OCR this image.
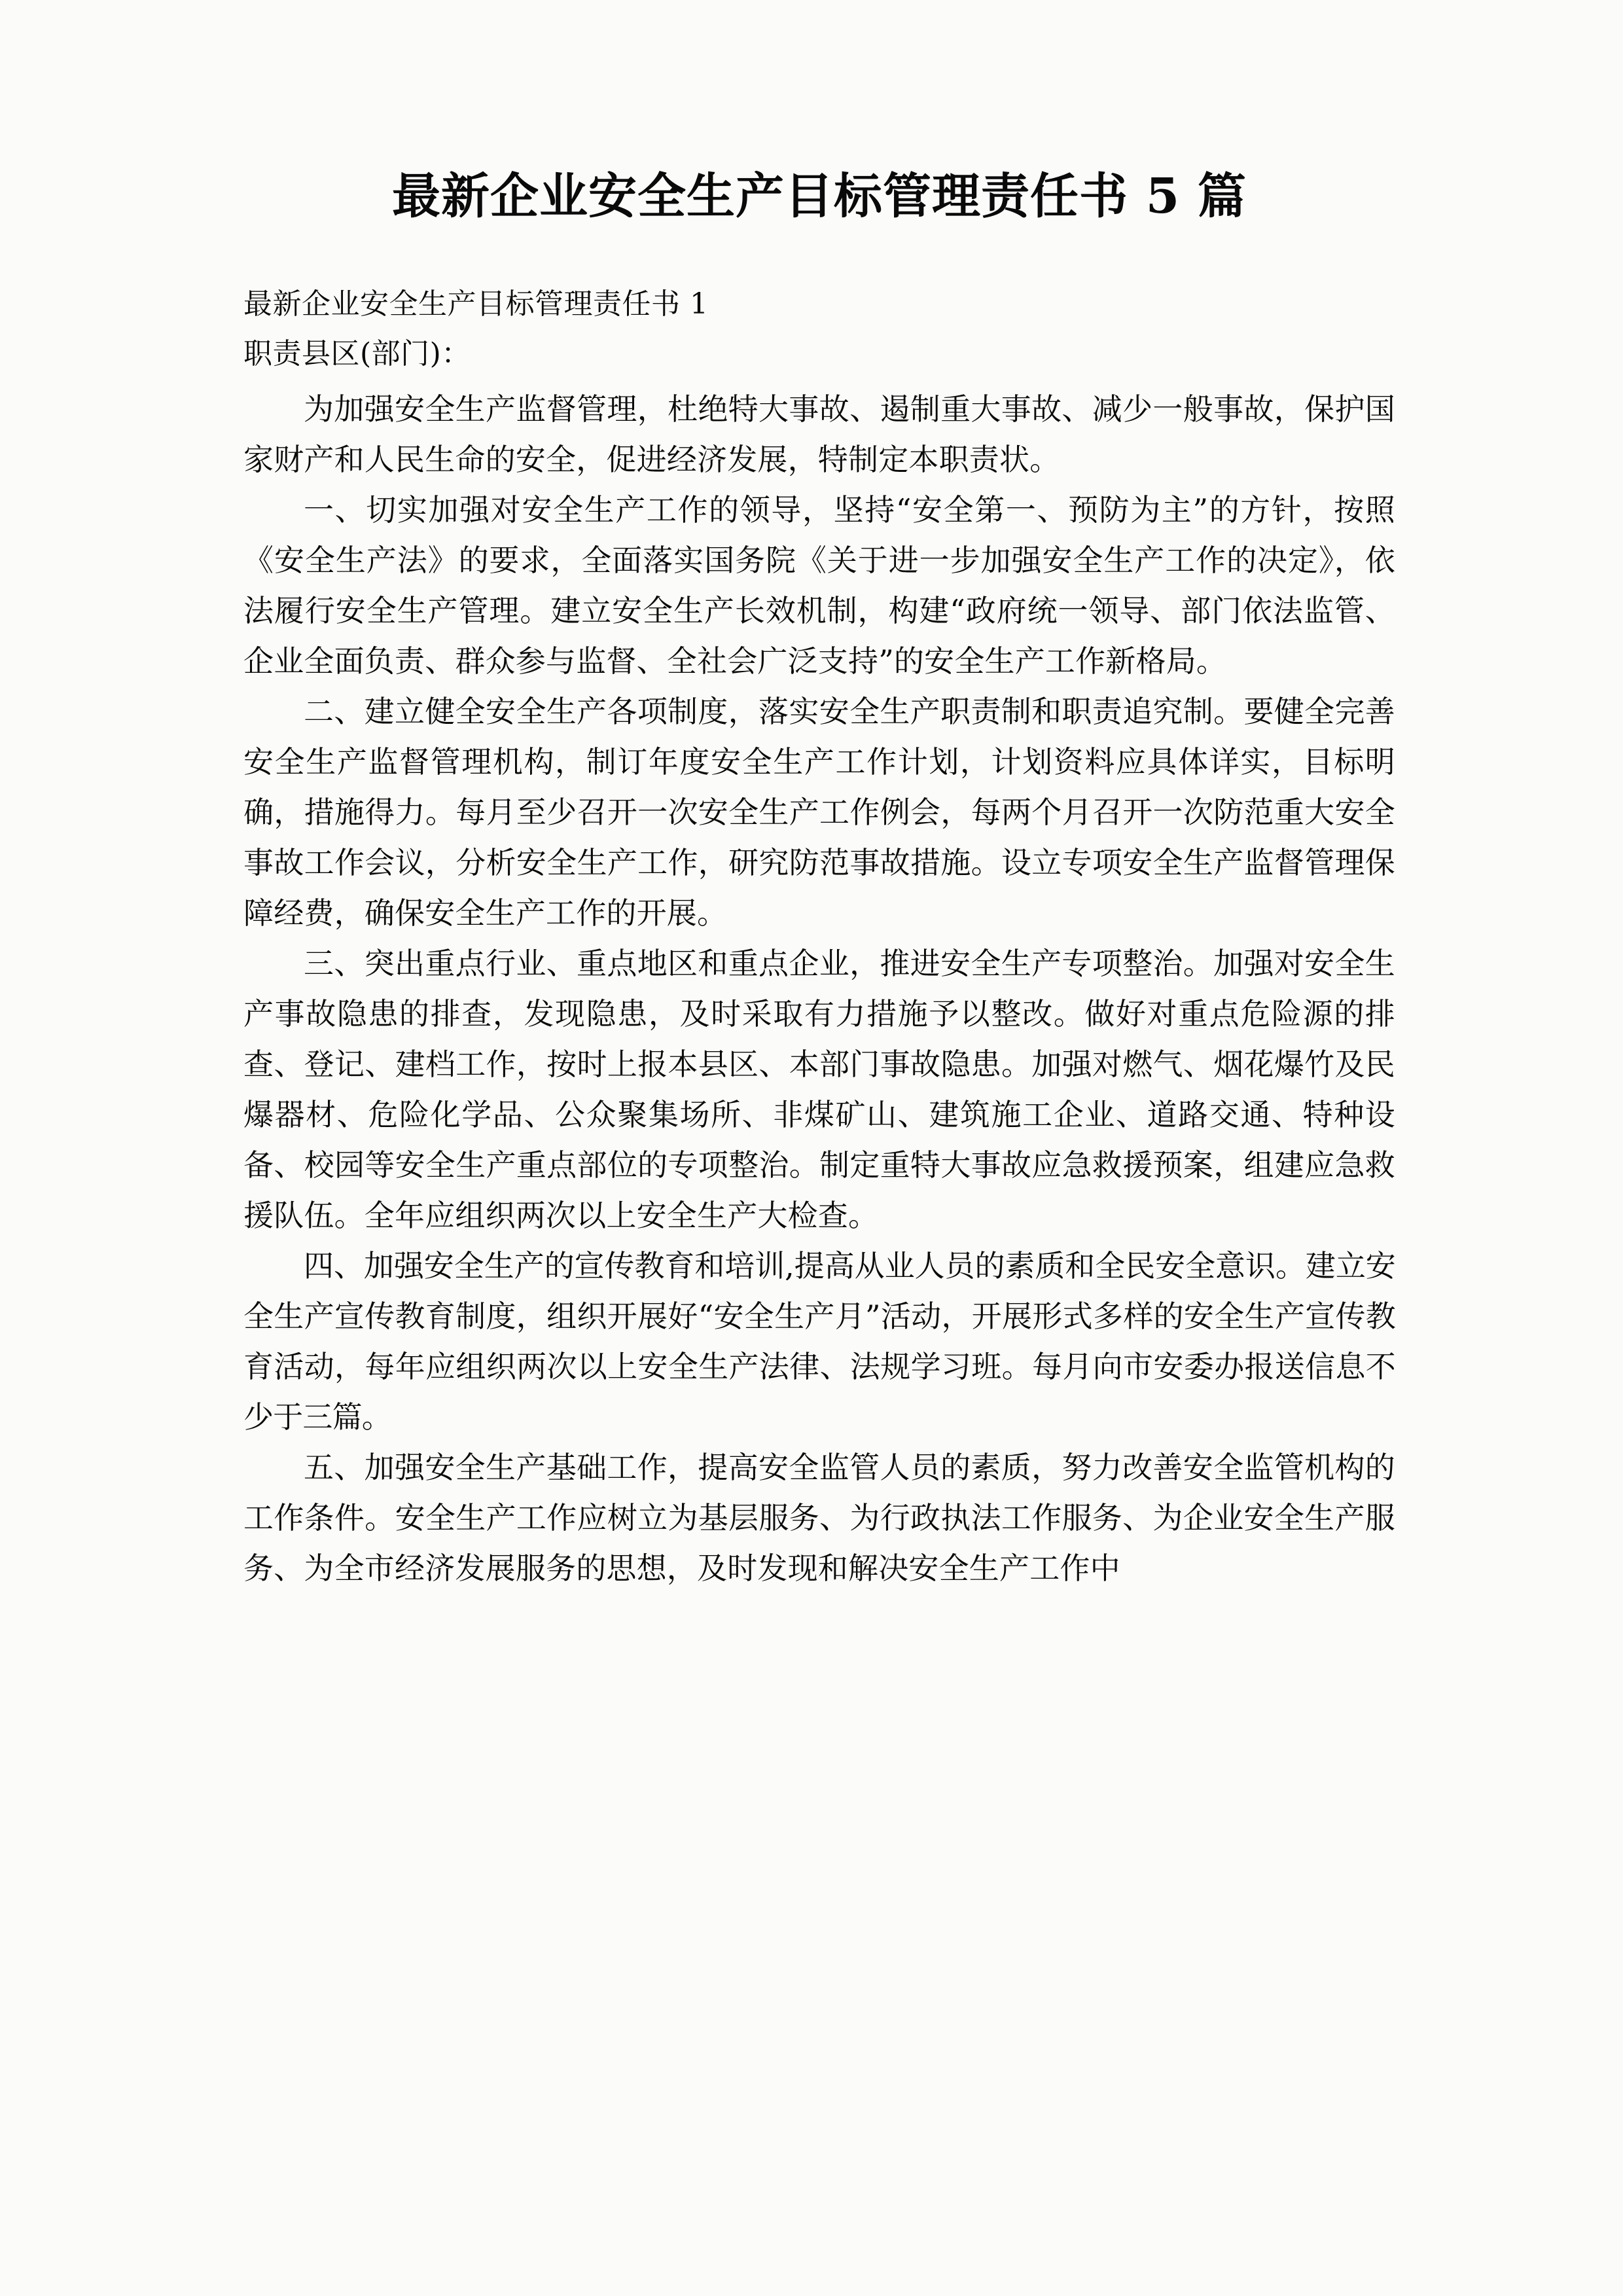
最新企业安全生产目标管理责任书 5 篇

最新企业安全生产目标管理责任书 1

职责县区(部门)：

为加强安全生产监督管理，杜绝特大事故、遏制重大事故、减少一般事故，保护国家财产和人民生命的安全，促进经济发展，特制定本职责状。

一、切实加强对安全生产工作的领导，坚持“安全第一、预防为主”的方针，按照《安全生产法》的要求，全面落实国务院《关于进一步加强安全生产工作的决定》，依法履行安全生产管理。建立安全生产长效机制，构建“政府统一领导、部门依法监管、企业全面负责、群众参与监督、全社会广泛支持”的安全生产工作新格局。

二、建立健全安全生产各项制度，落实安全生产职责制和职责追究制。要健全完善安全生产监督管理机构，制订年度安全生产工作计划，计划资料应具体详实，目标明确，措施得力。每月至少召开一次安全生产工作例会，每两个月召开一次防范重大安全事故工作会议，分析安全生产工作，研究防范事故措施。设立专项安全生产监督管理保障经费，确保安全生产工作的开展。

三、突出重点行业、重点地区和重点企业，推进安全生产专项整治。加强对安全生产事故隐患的排查，发现隐患，及时采取有力措施予以整改。做好对重点危险源的排查、登记、建档工作，按时上报本县区、本部门事故隐患。加强对燃气、烟花爆竹及民爆器材、危险化学品、公众聚集场所、非煤矿山、建筑施工企业、道路交通、特种设备、校园等安全生产重点部位的专项整治。制定重特大事故应急救援预案，组建应急救援队伍。全年应组织两次以上安全生产大检查。

四、加强安全生产的宣传教育和培训,提高从业人员的素质和全民安全意识。建立安全生产宣传教育制度，组织开展好“安全生产月”活动，开展形式多样的安全生产宣传教育活动，每年应组织两次以上安全生产法律、法规学习班。每月向市安委办报送信息不少于三篇。

五、加强安全生产基础工作，提高安全监管人员的素质，努力改善安全监管机构的工作条件。安全生产工作应树立为基层服务、为行政执法工作服务、为企业安全生产服务、为全市经济发展服务的思想，及时发现和解决安全生产工作中
